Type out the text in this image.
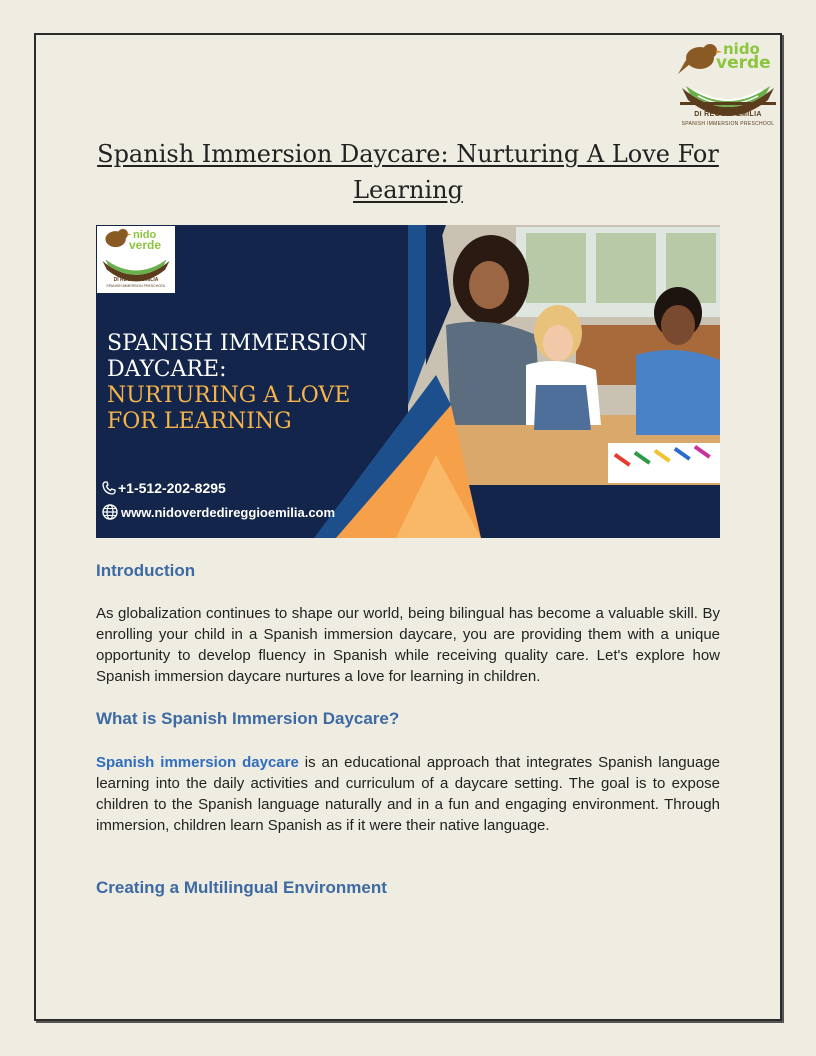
nido
verde
DI REGGIO EMILIA
SPANISH IMMERSION PRESCHOOL
Spanish Immersion Daycare: Nurturing A Love For Learning
nido
verde
DI REGGIO EMILIA
SPANISH IMMERSION PRESCHOOL
SPANISH IMMERSION DAYCARE:
NURTURING A LOVE FOR LEARNING
+1-512-202-8295
www.nidoverdedireggioemilia.com
Introduction

As globalization continues to shape our world, being bilingual has become a valuable skill. By enrolling your child in a Spanish immersion daycare, you are providing them with a unique opportunity to develop fluency in Spanish while receiving quality care. Let's explore how Spanish immersion daycare nurtures a love for learning in children.

What is Spanish Immersion Daycare?

Spanish immersion daycare is an educational approach that integrates Spanish language learning into the daily activities and curriculum of a daycare setting. The goal is to expose children to the Spanish language naturally and in a fun and engaging environment. Through immersion, children learn Spanish as if it were their native language.

Creating a Multilingual Environment
